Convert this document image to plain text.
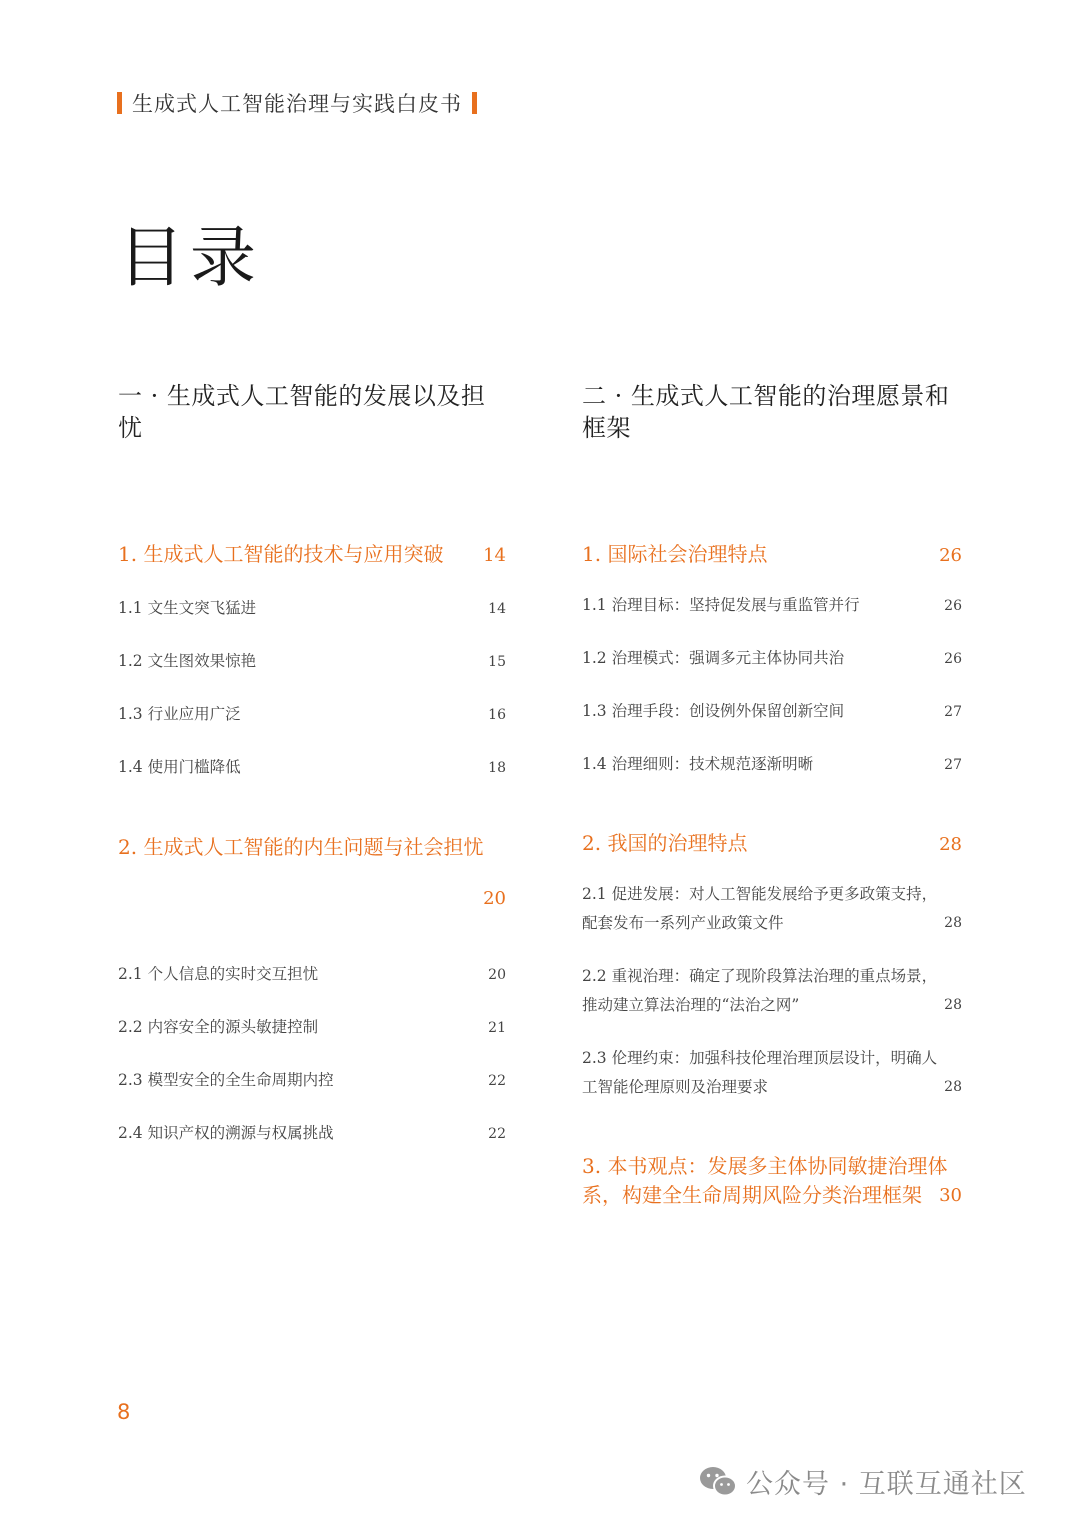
生成式人工智能治理与实践白皮书
目录
一 · 生成式人工智能的发展以及担忧
1. 生成式人工智能的技术与应用突破 14
1.1 文生文突飞猛进	14
1.2 文生图效果惊艳	15
1.3 行业应用广泛	16
1.4 使用门槛降低	18
2. 生成式人工智能的内生问题与社会担忧
20
2.1 个人信息的实时交互担忧	20
2.2 内容安全的源头敏捷控制	21
2.3 模型安全的全生命周期内控	22
2.4 知识产权的溯源与权属挑战	22
二 · 生成式人工智能的治理愿景和框架
1. 国际社会治理特点	26
1.1 治理目标：坚持促发展与重监管并行	26
1.2 治理模式：强调多元主体协同共治	26
1.3 治理手段：创设例外保留创新空间	27
1.4 治理细则：技术规范逐渐明晰	27
2. 我国的治理特点	28
2.1 促进发展：对人工智能发展给予更多政策支持，
配套发布一系列产业政策文件	28
2.2 重视治理：确定了现阶段算法治理的重点场景，
推动建立算法治理的“法治之网”	28
2.3 伦理约束：加强科技伦理治理顶层设计，明确人
工智能伦理原则及治理要求	28
3. 本书观点：发展多主体协同敏捷治理体
系，构建全生命周期风险分类治理框架 30
8
公众号 · 互联互通社区
